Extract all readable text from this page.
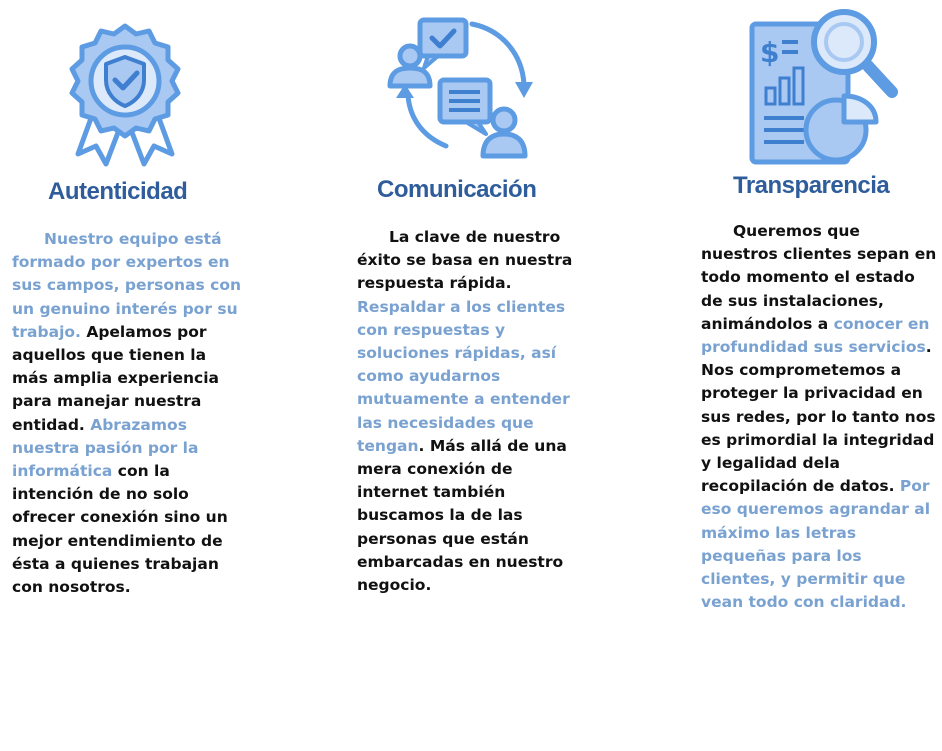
Autenticidad
Nuestro equipo está formado por expertos en sus campos, personas con un genuino interés por su trabajo. Apelamos por aquellos que tienen la más amplia experiencia para manejar nuestra entidad. Abrazamos nuestra pasión por la informática con la intención de no solo ofrecer conexión sino un mejor entendimiento de ésta a quienes trabajan con nosotros.
Comunicación
La clave de nuestro éxito se basa en nuestra respuesta rápida. Respaldar a los clientes con respuestas y soluciones rápidas, así como ayudarnos mutuamente a entender las necesidades que tengan. Más allá de una mera conexión de internet también buscamos la de las personas que están embarcadas en nuestro negocio.
$
Transparencia
Queremos que nuestros clientes sepan en todo momento el estado de sus instalaciones, animándolos a conocer en profundidad sus servicios. Nos comprometemos a proteger la privacidad en sus redes, por lo tanto nos es primordial la integridad y legalidad dela recopilación de datos. Por eso queremos agrandar al máximo las letras pequeñas para los clientes, y permitir que vean todo con claridad.
